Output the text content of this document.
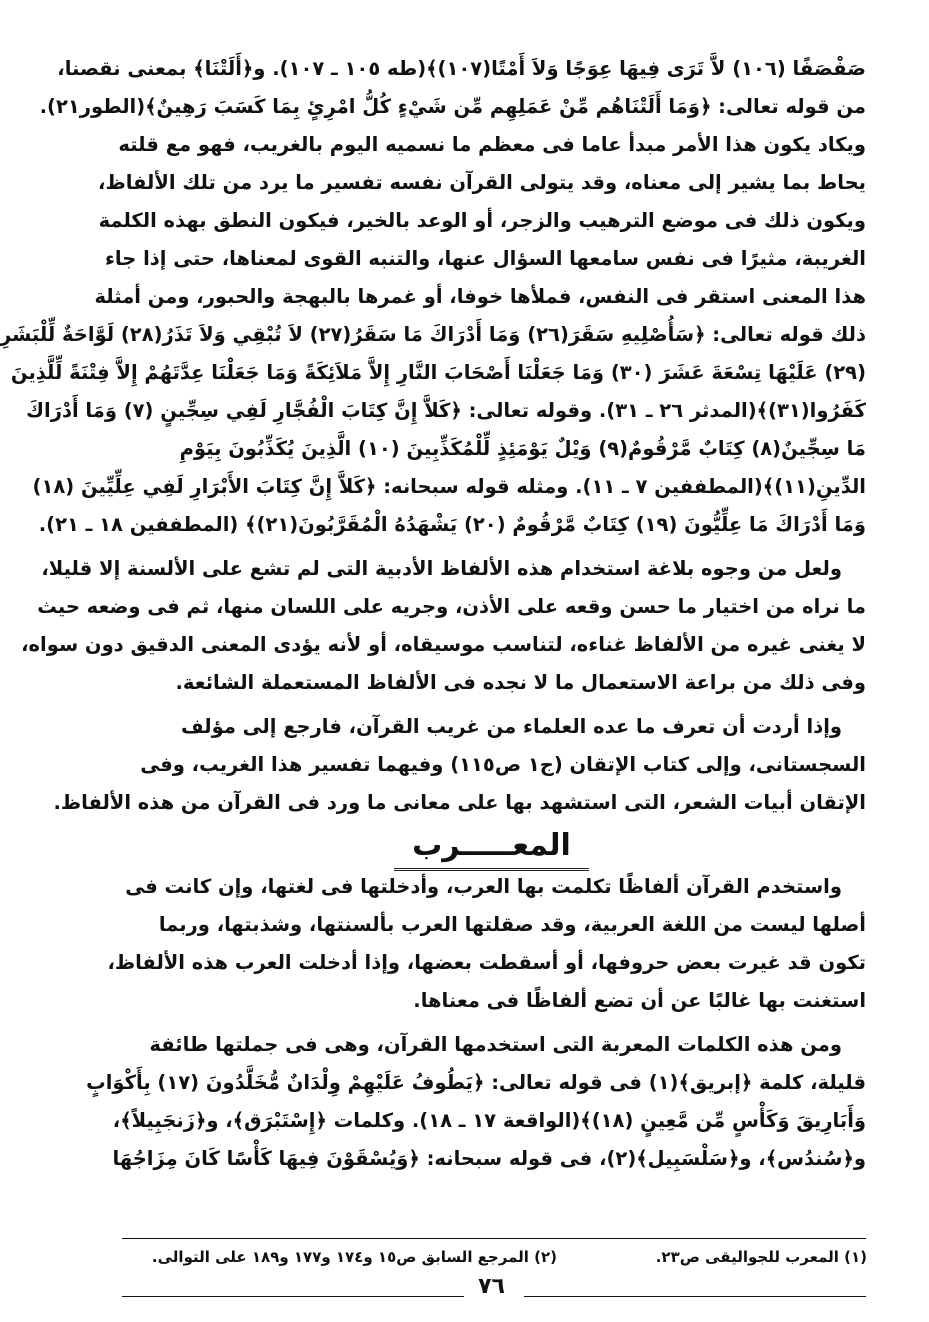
صَفْصَفًا (١٠٦) لاَّ تَرَى فِيهَا عِوَجًا وَلاَ أَمْتًا(١٠٧)﴾(طه ١٠٥ ـ ١٠٧). و﴿أَلَتْنَا﴾ بمعنى نقصنا،
من قوله تعالى: ﴿وَمَا أَلَتْنَاهُم مِّنْ عَمَلِهِم مِّن شَيْءٍ كُلُّ امْرِئٍ بِمَا كَسَبَ رَهِينٌ﴾(الطور٢١).
ويكاد يكون هذا الأمر مبدأ عاما فى معظم ما نسميه اليوم بالغريب، فهو مع قلته
يحاط بما يشير إلى معناه، وقد يتولى القرآن نفسه تفسير ما يرد من تلك الألفاظ،
ويكون ذلك فى موضع الترهيب والزجر، أو الوعد بالخير، فيكون النطق بهذه الكلمة
الغريبة، مثيرًا فى نفس سامعها السؤال عنها، والتنبه القوى لمعناها، حتى إذا جاء
هذا المعنى استقر فى النفس، فملأها خوفا، أو غمرها بالبهجة والحبور، ومن أمثلة
ذلك قوله تعالى: ﴿سَأُصْلِيهِ سَقَرَ(٢٦) وَمَا أَدْرَاكَ مَا سَقَرُ(٢٧) لاَ تُبْقِي وَلاَ تَذَرُ(٢٨) لَوَّاحَةٌ لِّلْبَشَرِ
(٢٩) عَلَيْهَا تِسْعَةَ عَشَرَ (٣٠) وَمَا جَعَلْنَا أَصْحَابَ النَّارِ إِلاَّ مَلاَئِكَةً وَمَا جَعَلْنَا عِدَّتَهُمْ إِلاَّ فِتْنَةً لِّلَّذِينَ
كَفَرُوا(٣١)﴾(المدثر ٢٦ ـ ٣١). وقوله تعالى: ﴿كَلاَّ إِنَّ كِتَابَ الْفُجَّارِ لَفِي سِجِّينٍ (٧) وَمَا أَدْرَاكَ
مَا سِجِّينٌ(٨) كِتَابٌ مَّرْقُومٌ(٩) وَيْلٌ يَوْمَئِذٍ لِّلْمُكَذِّبِينَ (١٠) الَّذِينَ يُكَذِّبُونَ بِيَوْمِ
الدِّينِ(١١)﴾(المطففين ٧ ـ ١١). ومثله قوله سبحانه: ﴿كَلاَّ إِنَّ كِتَابَ الأَبْرَارِ لَفِي عِلِّيِّينَ (١٨)
وَمَا أَدْرَاكَ مَا عِلِّيُّونَ (١٩) كِتَابٌ مَّرْقُومٌ (٢٠) يَشْهَدُهُ الْمُقَرَّبُونَ(٢١)﴾ (المطففين ١٨ ـ ٢١).
ولعل من وجوه بلاغة استخدام هذه الألفاظ الأدبية التى لم تشع على الألسنة إلا قليلا،
ما نراه من اختيار ما حسن وقعه على الأذن، وجريه على اللسان منها، ثم فى وضعه حيث
لا يغنى غيره من الألفاظ غناءه، لتناسب موسيقاه، أو لأنه يؤدى المعنى الدقيق دون سواه،
وفى ذلك من براعة الاستعمال ما لا نجده فى الألفاظ المستعملة الشائعة.
وإذا أردت أن تعرف ما عده العلماء من غريب القرآن، فارجع إلى مؤلف
السجستانى، وإلى كتاب الإتقان (ج١ ص١١٥) وفيهما تفسير هذا الغريب، وفى
الإتقان أبيات الشعر، التى استشهد بها على معانى ما ورد فى القرآن من هذه الألفاظ.
المعـــــرب
واستخدم القرآن ألفاظًا تكلمت بها العرب، وأدخلتها فى لغتها، وإن كانت فى
أصلها ليست من اللغة العربية، وقد صقلتها العرب بألسنتها، وشذبتها، وربما
تكون قد غيرت بعض حروفها، أو أسقطت بعضها، وإذا أدخلت العرب هذه الألفاظ،
استغنت بها غالبًا عن أن تضع ألفاظًا فى معناها.
ومن هذه الكلمات المعربة التى استخدمها القرآن، وهى فى جملتها طائفة
قليلة، كلمة ﴿إبريق﴾(١) فى قوله تعالى: ﴿يَطُوفُ عَلَيْهِمْ وِلْدَانٌ مُّخَلَّدُونَ (١٧) بِأَكْوَابٍ
وَأَبَارِيقَ وَكَأْسٍ مِّن مَّعِينٍ (١٨)﴾(الواقعة ١٧ ـ ١٨). وكلمات ﴿إِسْتَبْرَق﴾، و﴿زَنجَبِيلاً﴾،
و﴿سُندُس﴾، و﴿سَلْسَبِيل﴾(٢)، فى قوله سبحانه: ﴿وَيُسْقَوْنَ فِيهَا كَأْسًا كَانَ مِزَاجُهَا
(١) المعرب للجواليقى ص٢٣.
(٢) المرجع السابق ص١٥ و١٧٤ و١٧٧ و١٨٩ على التوالى.
٧٦
